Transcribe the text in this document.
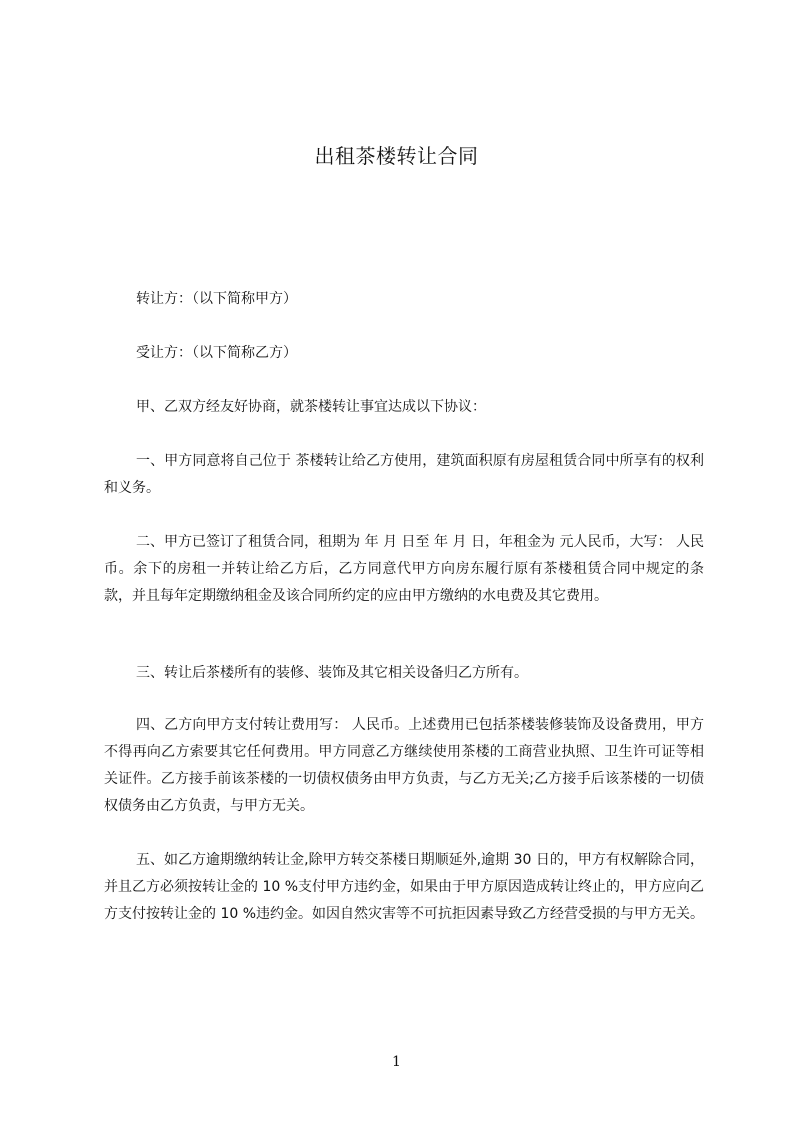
出租茶楼转让合同
转让方：（以下简称甲方）
受让方：（以下简称乙方）
甲、乙双方经友好协商，就茶楼转让事宜达成以下协议：
一、甲方同意将自己位于 茶楼转让给乙方使用，建筑面积原有房屋租赁合同中所享有的权利和义务。
二、甲方已签订了租赁合同，租期为 年 月 日至 年 月 日，年租金为 元人民币，大写： 人民币。余下的房租一并转让给乙方后，乙方同意代甲方向房东履行原有茶楼租赁合同中规定的条款，并且每年定期缴纳租金及该合同所约定的应由甲方缴纳的水电费及其它费用。
三、转让后茶楼所有的装修、装饰及其它相关设备归乙方所有。
四、乙方向甲方支付转让费用写： 人民币。上述费用已包括茶楼装修装饰及设备费用，甲方不得再向乙方索要其它任何费用。甲方同意乙方继续使用茶楼的工商营业执照、卫生许可证等相关证件。乙方接手前该茶楼的一切债权债务由甲方负责，与乙方无关;乙方接手后该茶楼的一切债权债务由乙方负责，与甲方无关。
五、如乙方逾期缴纳转让金,除甲方转交茶楼日期顺延外,逾期 30 日的，甲方有权解除合同，并且乙方必须按转让金的 10 %支付甲方违约金，如果由于甲方原因造成转让终止的，甲方应向乙方支付按转让金的 10 %违约金。如因自然灾害等不可抗拒因素导致乙方经营受损的与甲方无关。
1
